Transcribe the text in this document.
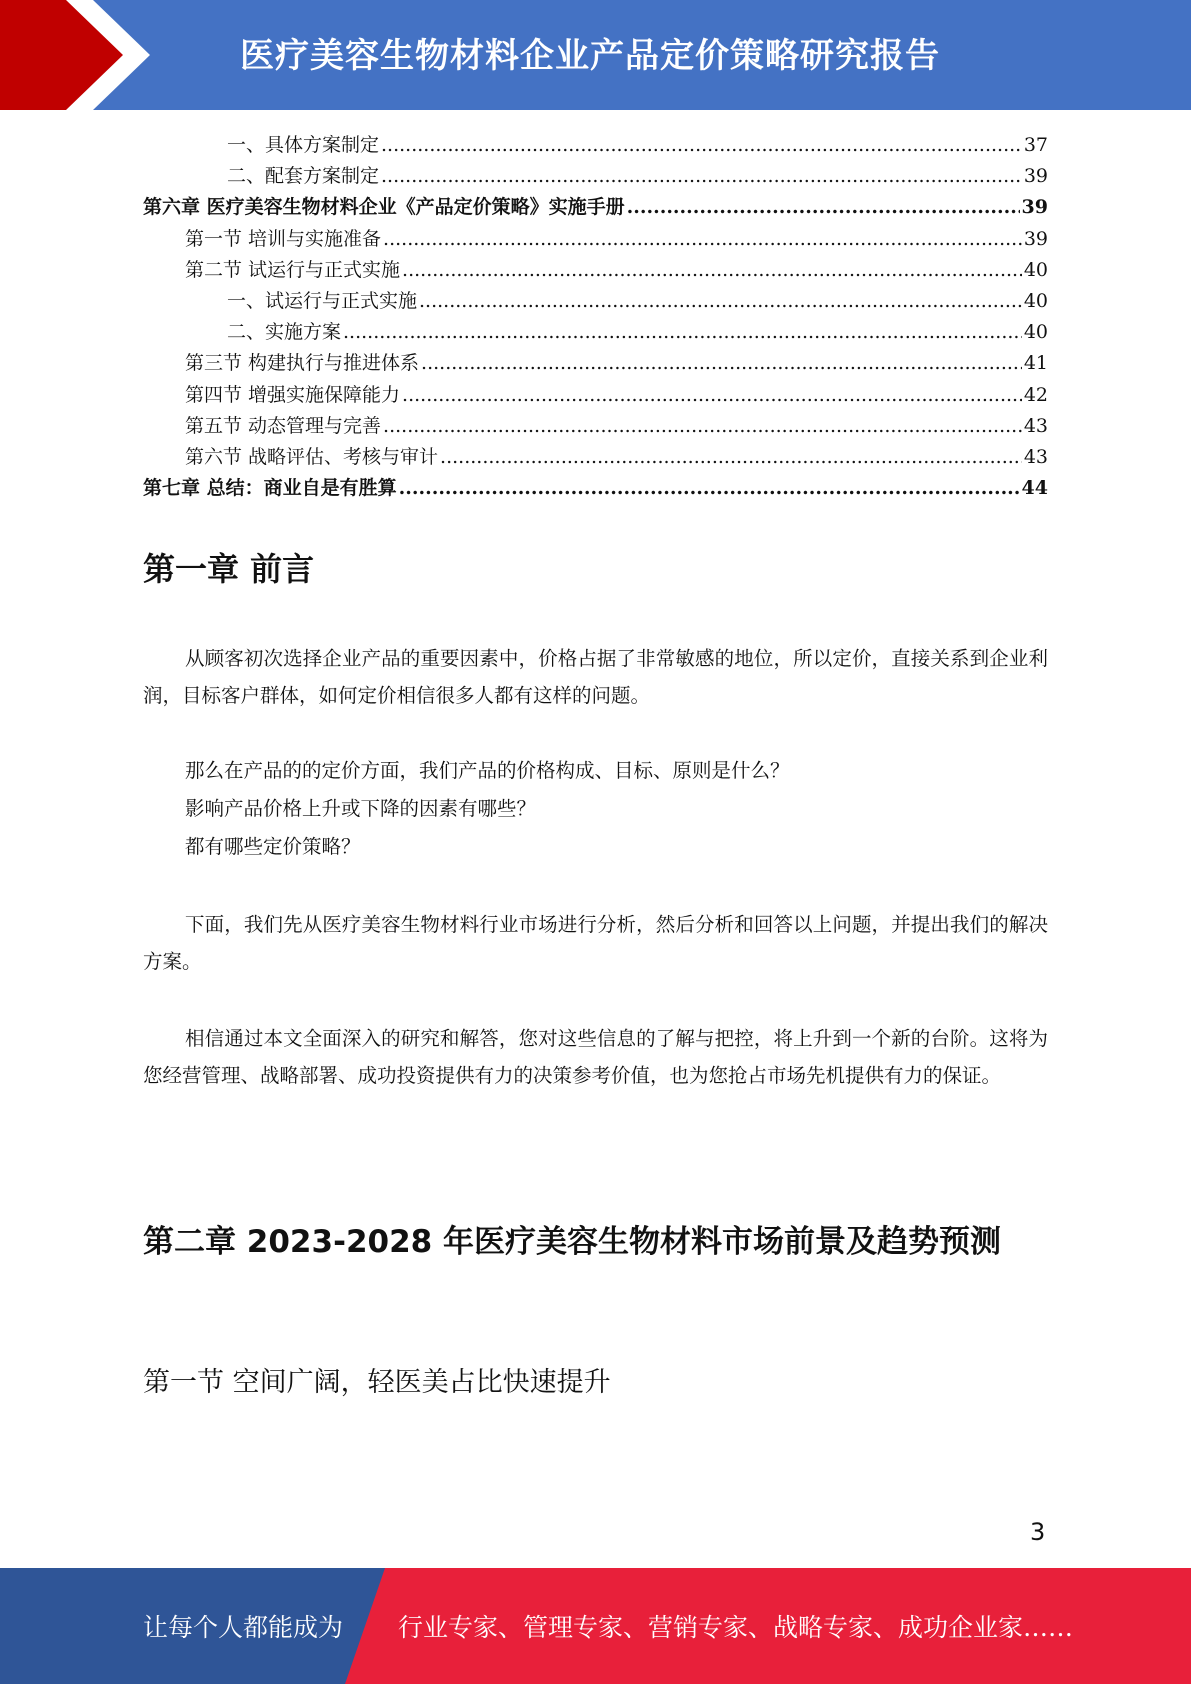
医疗美容生物材料企业产品定价策略研究报告
一、具体方案制定 .....	37
二、配套方案制定 .....	39
第六章 医疗美容生物材料企业《产品定价策略》实施手册 .....	39
第一节 培训与实施准备 .....	39
第二节 试运行与正式实施 .....	40
一、试运行与正式实施 .....	40
二、实施方案 .....	40
第三节 构建执行与推进体系 .....	41
第四节 增强实施保障能力 .....	42
第五节 动态管理与完善 .....	43
第六节 战略评估、考核与审计 .....	43
第七章 总结：商业自是有胜算 .....	44
第一章 前言

从顾客初次选择企业产品的重要因素中，价格占据了非常敏感的地位，所以定价，直接关系到企业利润，目标客户群体，如何定价相信很多人都有这样的问题。

那么在产品的的定价方面，我们产品的价格构成、目标、原则是什么？

影响产品价格上升或下降的因素有哪些？

都有哪些定价策略？

下面，我们先从医疗美容生物材料行业市场进行分析，然后分析和回答以上问题，并提出我们的解决方案。

相信通过本文全面深入的研究和解答，您对这些信息的了解与把控，将上升到一个新的台阶。这将为您经营管理、战略部署、成功投资提供有力的决策参考价值，也为您抢占市场先机提供有力的保证。

第二章 2023-2028 年医疗美容生物材料市场前景及趋势预测
第一节 空间广阔，轻医美占比快速提升
3
让每个人都能成为 行业专家、管理专家、营销专家、战略专家、成功企业家……
